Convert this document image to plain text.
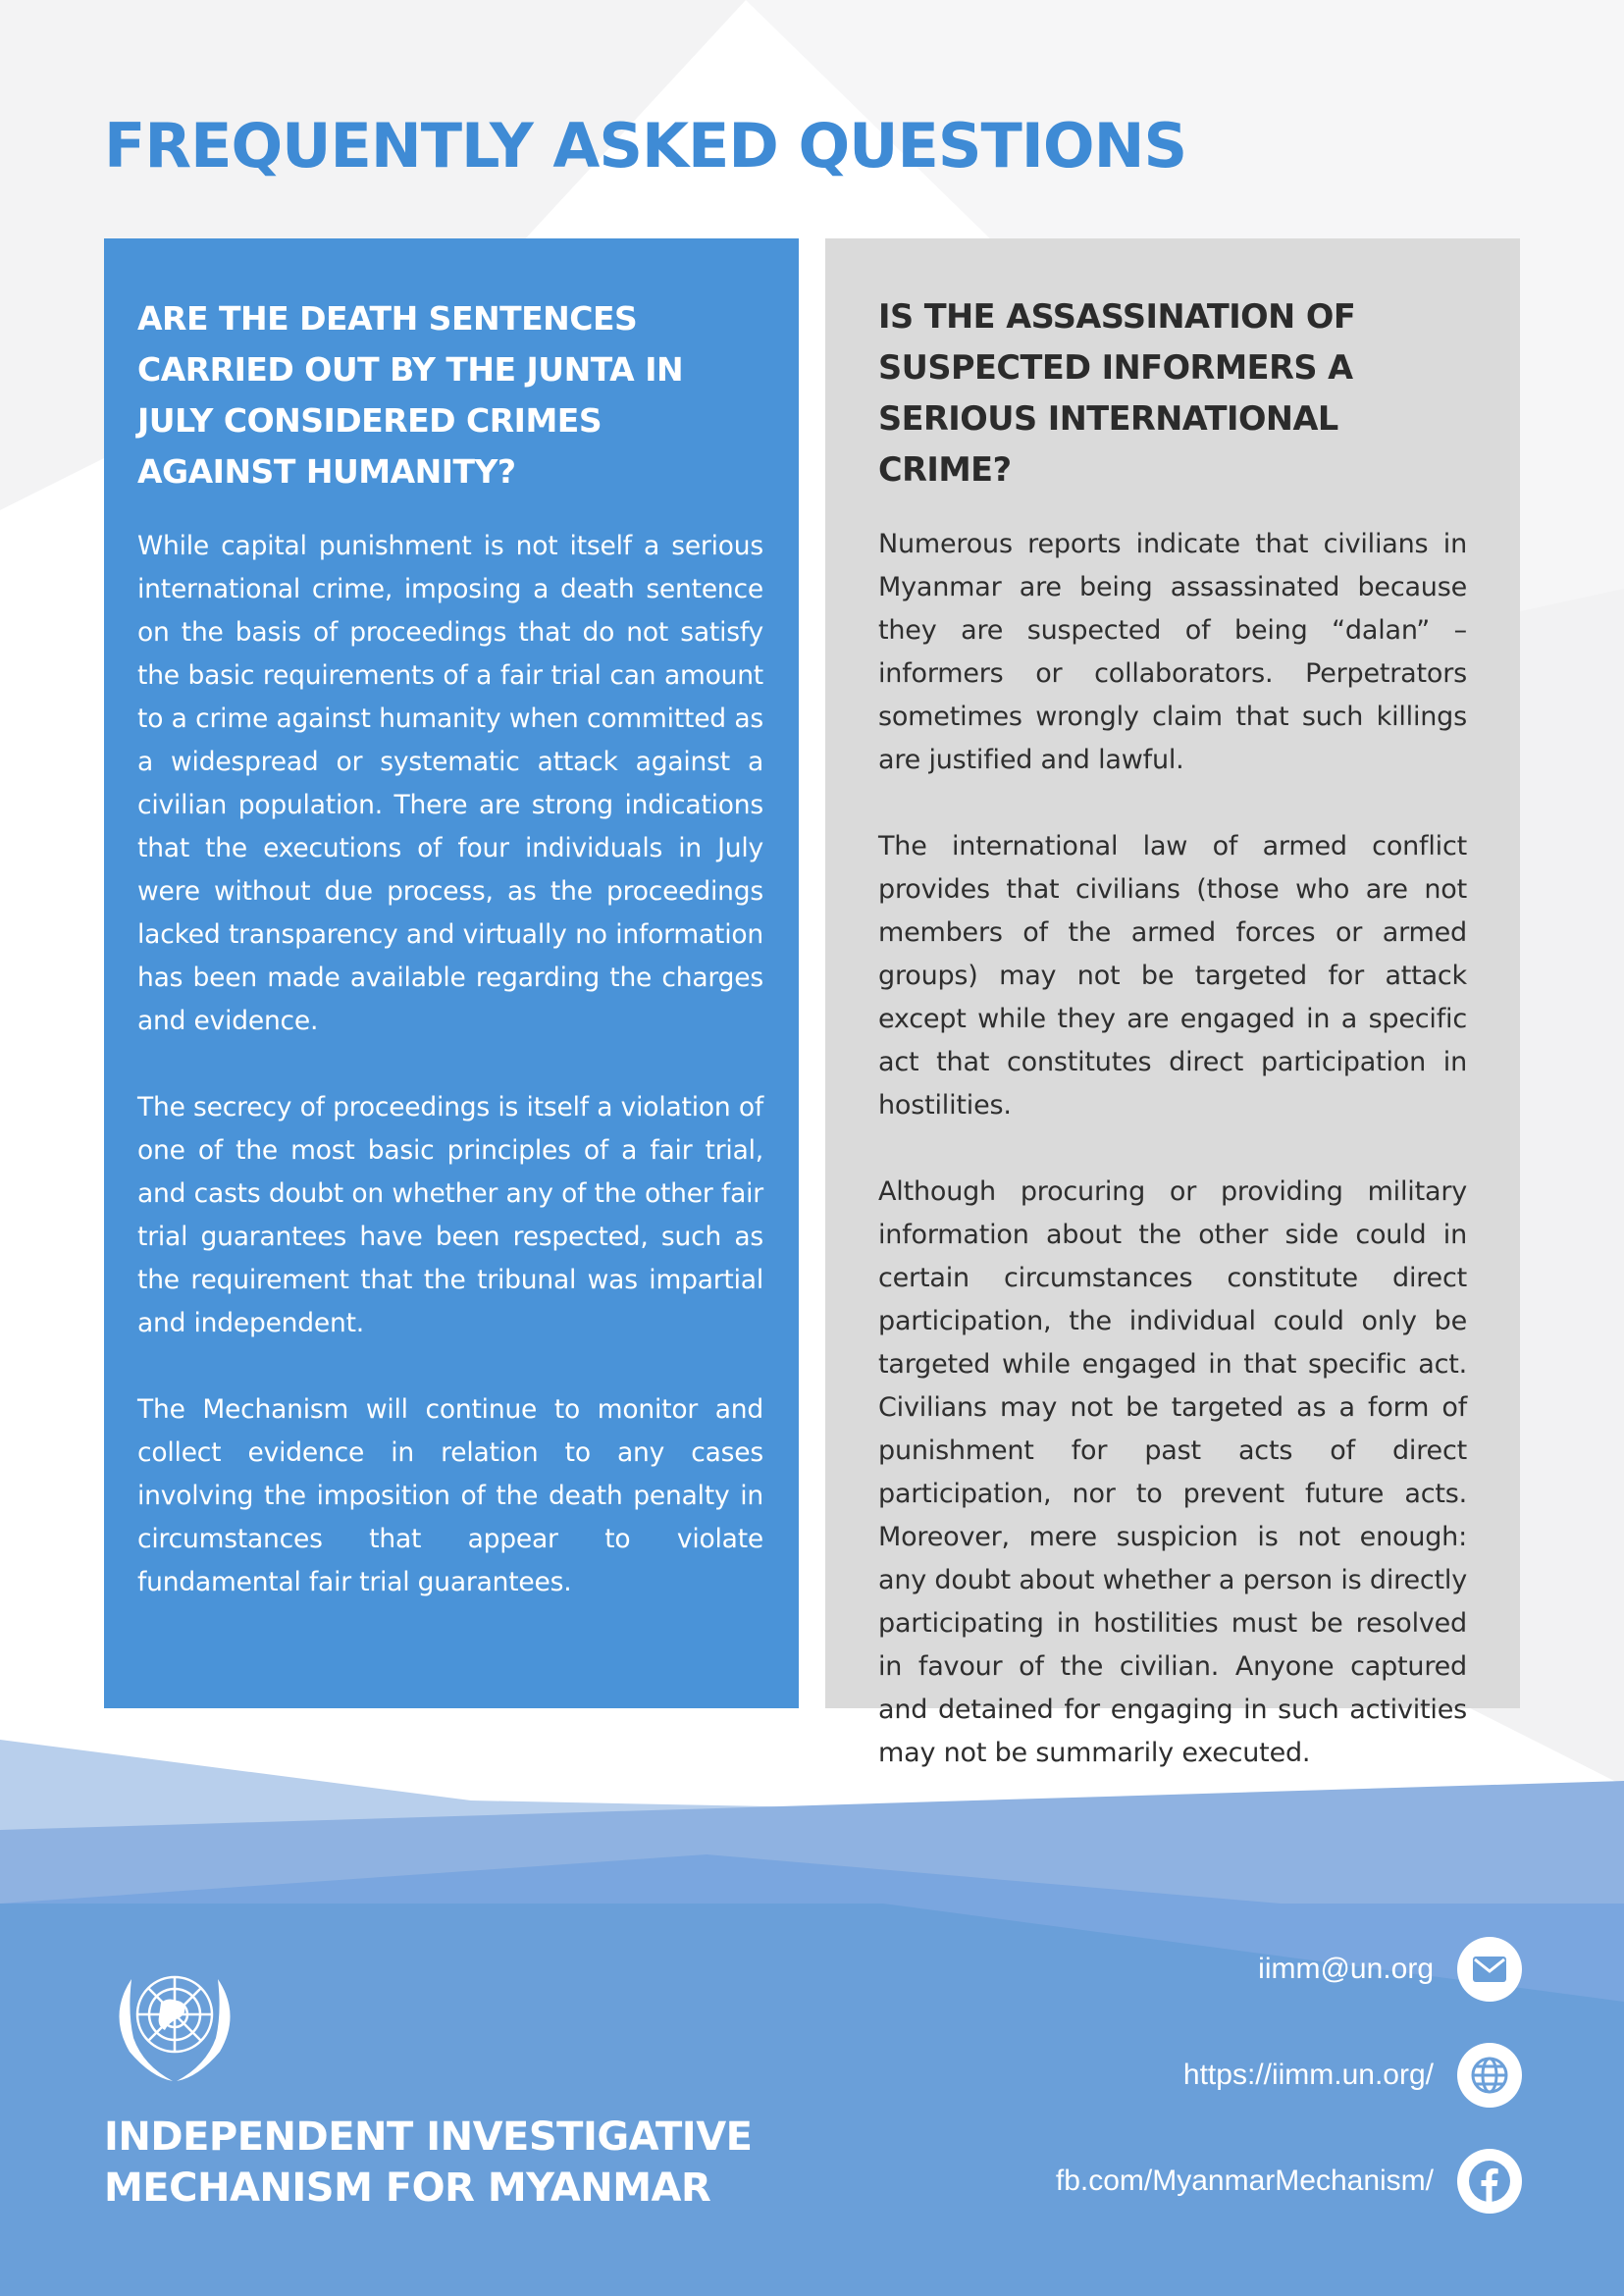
FREQUENTLY ASKED QUESTIONS
ARE THE DEATH SENTENCES CARRIED OUT BY THE JUNTA IN JULY CONSIDERED CRIMES AGAINST HUMANITY?

While capital punishment is not itself a serious international crime, imposing a death sentence on the basis of proceedings that do not satisfy the basic requirements of a fair trial can amount to a crime against humanity when committed as a widespread or systematic attack against a civilian population. There are strong indications that the executions of four individuals in July were without due process, as the proceedings lacked transparency and virtually no information has been made available regarding the charges and evidence.

The secrecy of proceedings is itself a violation of one of the most basic principles of a fair trial, and casts doubt on whether any of the other fair trial guarantees have been respected, such as the requirement that the tribunal was impartial and independent.

The Mechanism will continue to monitor and collect evidence in relation to any cases involving the imposition of the death penalty in circumstances that appear to violate fundamental fair trial guarantees.

IS THE ASSASSINATION OF SUSPECTED INFORMERS A SERIOUS INTERNATIONAL CRIME?

Numerous reports indicate that civilians in Myanmar are being assassinated because they are suspected of being “dalan” – informers or collaborators. Perpetrators sometimes wrongly claim that such killings are justified and lawful.

The international law of armed conflict provides that civilians (those who are not members of the armed forces or armed groups) may not be targeted for attack except while they are engaged in a specific act that constitutes direct participation in hostilities.

Although procuring or providing military information about the other side could in certain circumstances constitute direct participation, the individual could only be targeted while engaged in that specific act. Civilians may not be targeted as a form of punishment for past acts of direct participation, nor to prevent future acts. Moreover, mere suspicion is not enough: any doubt about whether a person is directly participating in hostilities must be resolved in favour of the civilian. Anyone captured and detained for engaging in such activities may not be summarily executed.

INDEPENDENT INVESTIGATIVE
MECHANISM FOR MYANMAR
iimm@un.org
https://iimm.un.org/
fb.com/MyanmarMechanism/
